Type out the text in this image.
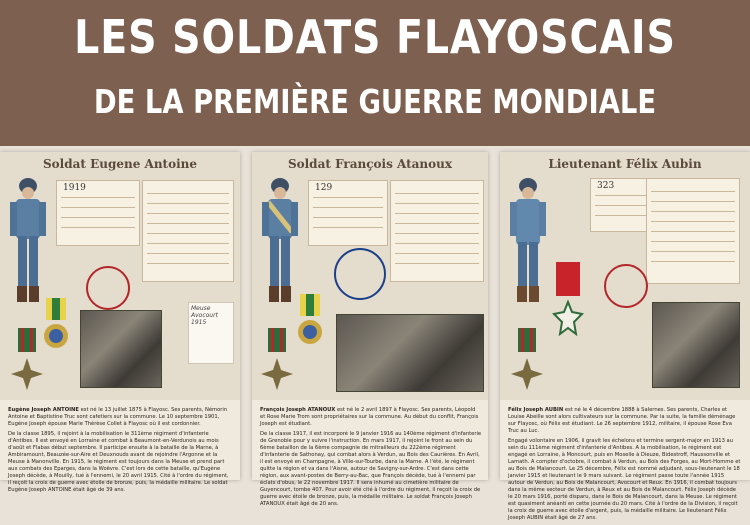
LES SOLDATS FLAYOSCAIS
DE LA PREMIÈRE GUERRE MONDIALE
Soldat Eugene Antoine
1919
Meuse Avocourt 1915

Eugène Joseph ANTOINE est né le 13 juillet 1875 à Flayosc. Ses parents, Némorin Antoine et Baptistine Truc sont cafetiers sur la commune. Le 10 septembre 1901, Eugène Joseph épouse Marie Thérèse Collet à Flayosc où il est cordonnier.

De la classe 1895, il rejoint à la mobilisation le 311ème régiment d'infanterie d'Antibes. Il est envoyé en Lorraine et combat à Beaumont-en-Verdunois au mois d'août et Flabas début septembre. Il participe ensuite à la bataille de la Marne, à Ambiramount, Beauzée-sur-Aire et Deuxnouds avant de rejoindre l'Argonne et la Meuse à Manonville. En 1915, le régiment est toujours dans la Meuse et prend part aux combats des Eparges, dans la Woëvre. C'est lors de cette bataille, qu'Eugène Joseph décède, à Mouilly, tué à l'ennemi, le 20 avril 1915. Cité à l'ordre du régiment, il reçoit la croix de guerre avec étoile de bronze, puis, la médaille militaire. Le soldat Eugène Joseph ANTOINE était âgé de 39 ans.

Soldat François Atanoux
129

François Joseph ATANOUX est né le 2 avril 1897 à Flayosc. Ses parents, Léopold et Rose Marie Trom sont propriétaires sur la commune. Au début du conflit, François Joseph est étudiant.

De la classe 1917, il est incorporé le 9 janvier 1916 au 140ème régiment d'infanterie de Grenoble pour y suivre l'instruction. En mars 1917, il rejoint le front au sein du 6ème bataillon de la 6ème compagnie de mitrailleurs du 222ème régiment d'infanterie de Sathonay, qui combat alors à Verdun, au Bois des Caurières. En Avril, il est envoyé en Champagne, à Ville-sur-Tourbe, dans la Marne. A l'été, le régiment quitte la région et va dans l'Aisne, autour de Savigny-sur-Ardre. C'est dans cette région, aux avant-postes de Berry-au-Bac, que François décède, tué à l'ennemi par éclats d'obus, le 22 novembre 1917. Il sera inhumé au cimetière militaire de Guyencourt, tombe 407. Pour avoir été cité à l'ordre du régiment, il reçoit la croix de guerre avec étoile de bronze, puis, la médaille militaire. Le soldat François Joseph ATANOUX était âgé de 20 ans.

Lieutenant Félix Aubin
323

Félix Joseph AUBIN est né le 4 décembre 1888 à Salernes. Ses parents, Charles et Louise Abeille sont alors cultivateurs sur la commune. Par la suite, la famille déménage sur Flayosc, où Félix est étudiant. Le 26 septembre 1912, militaire, il épouse Rose Eva Truc au Luc.

Engagé volontaire en 1906, il gravit les échelons et termine sergent-major en 1913 au sein du 111ème régiment d'infanterie d'Antibes. A la mobilisation, le régiment est engagé en Lorraine, à Moncourt, puis en Moselle à Dieuze, Bidestroff, Haussonville et Lamath. A compter d'octobre, il combat à Verdun, au Bois des Forges, au Mort-Homme et au Bois de Malancourt. Le 25 décembre, Félix est nommé adjudant, sous-lieutenant le 18 janvier 1915 et lieutenant le 9 mars suivant. Le régiment passe toute l'année 1915 autour de Verdun, au Bois de Malancourt, Avocourt et Reux. En 1916, il combat toujours dans la même secteur de Verdun, à Reux et au Bois de Malancourt. Félix Joseph décède le 20 mars 1916, porté disparu, dans le Bois de Malancourt, dans la Meuse. Le régiment est quasiment anéanti en cette journée du 20 mars. Cité à l'ordre de la Division, il reçoit la croix de guerre avec étoile d'argent, puis, la médaille militaire. Le lieutenant Félix Joseph AUBIN était âgé de 27 ans.
